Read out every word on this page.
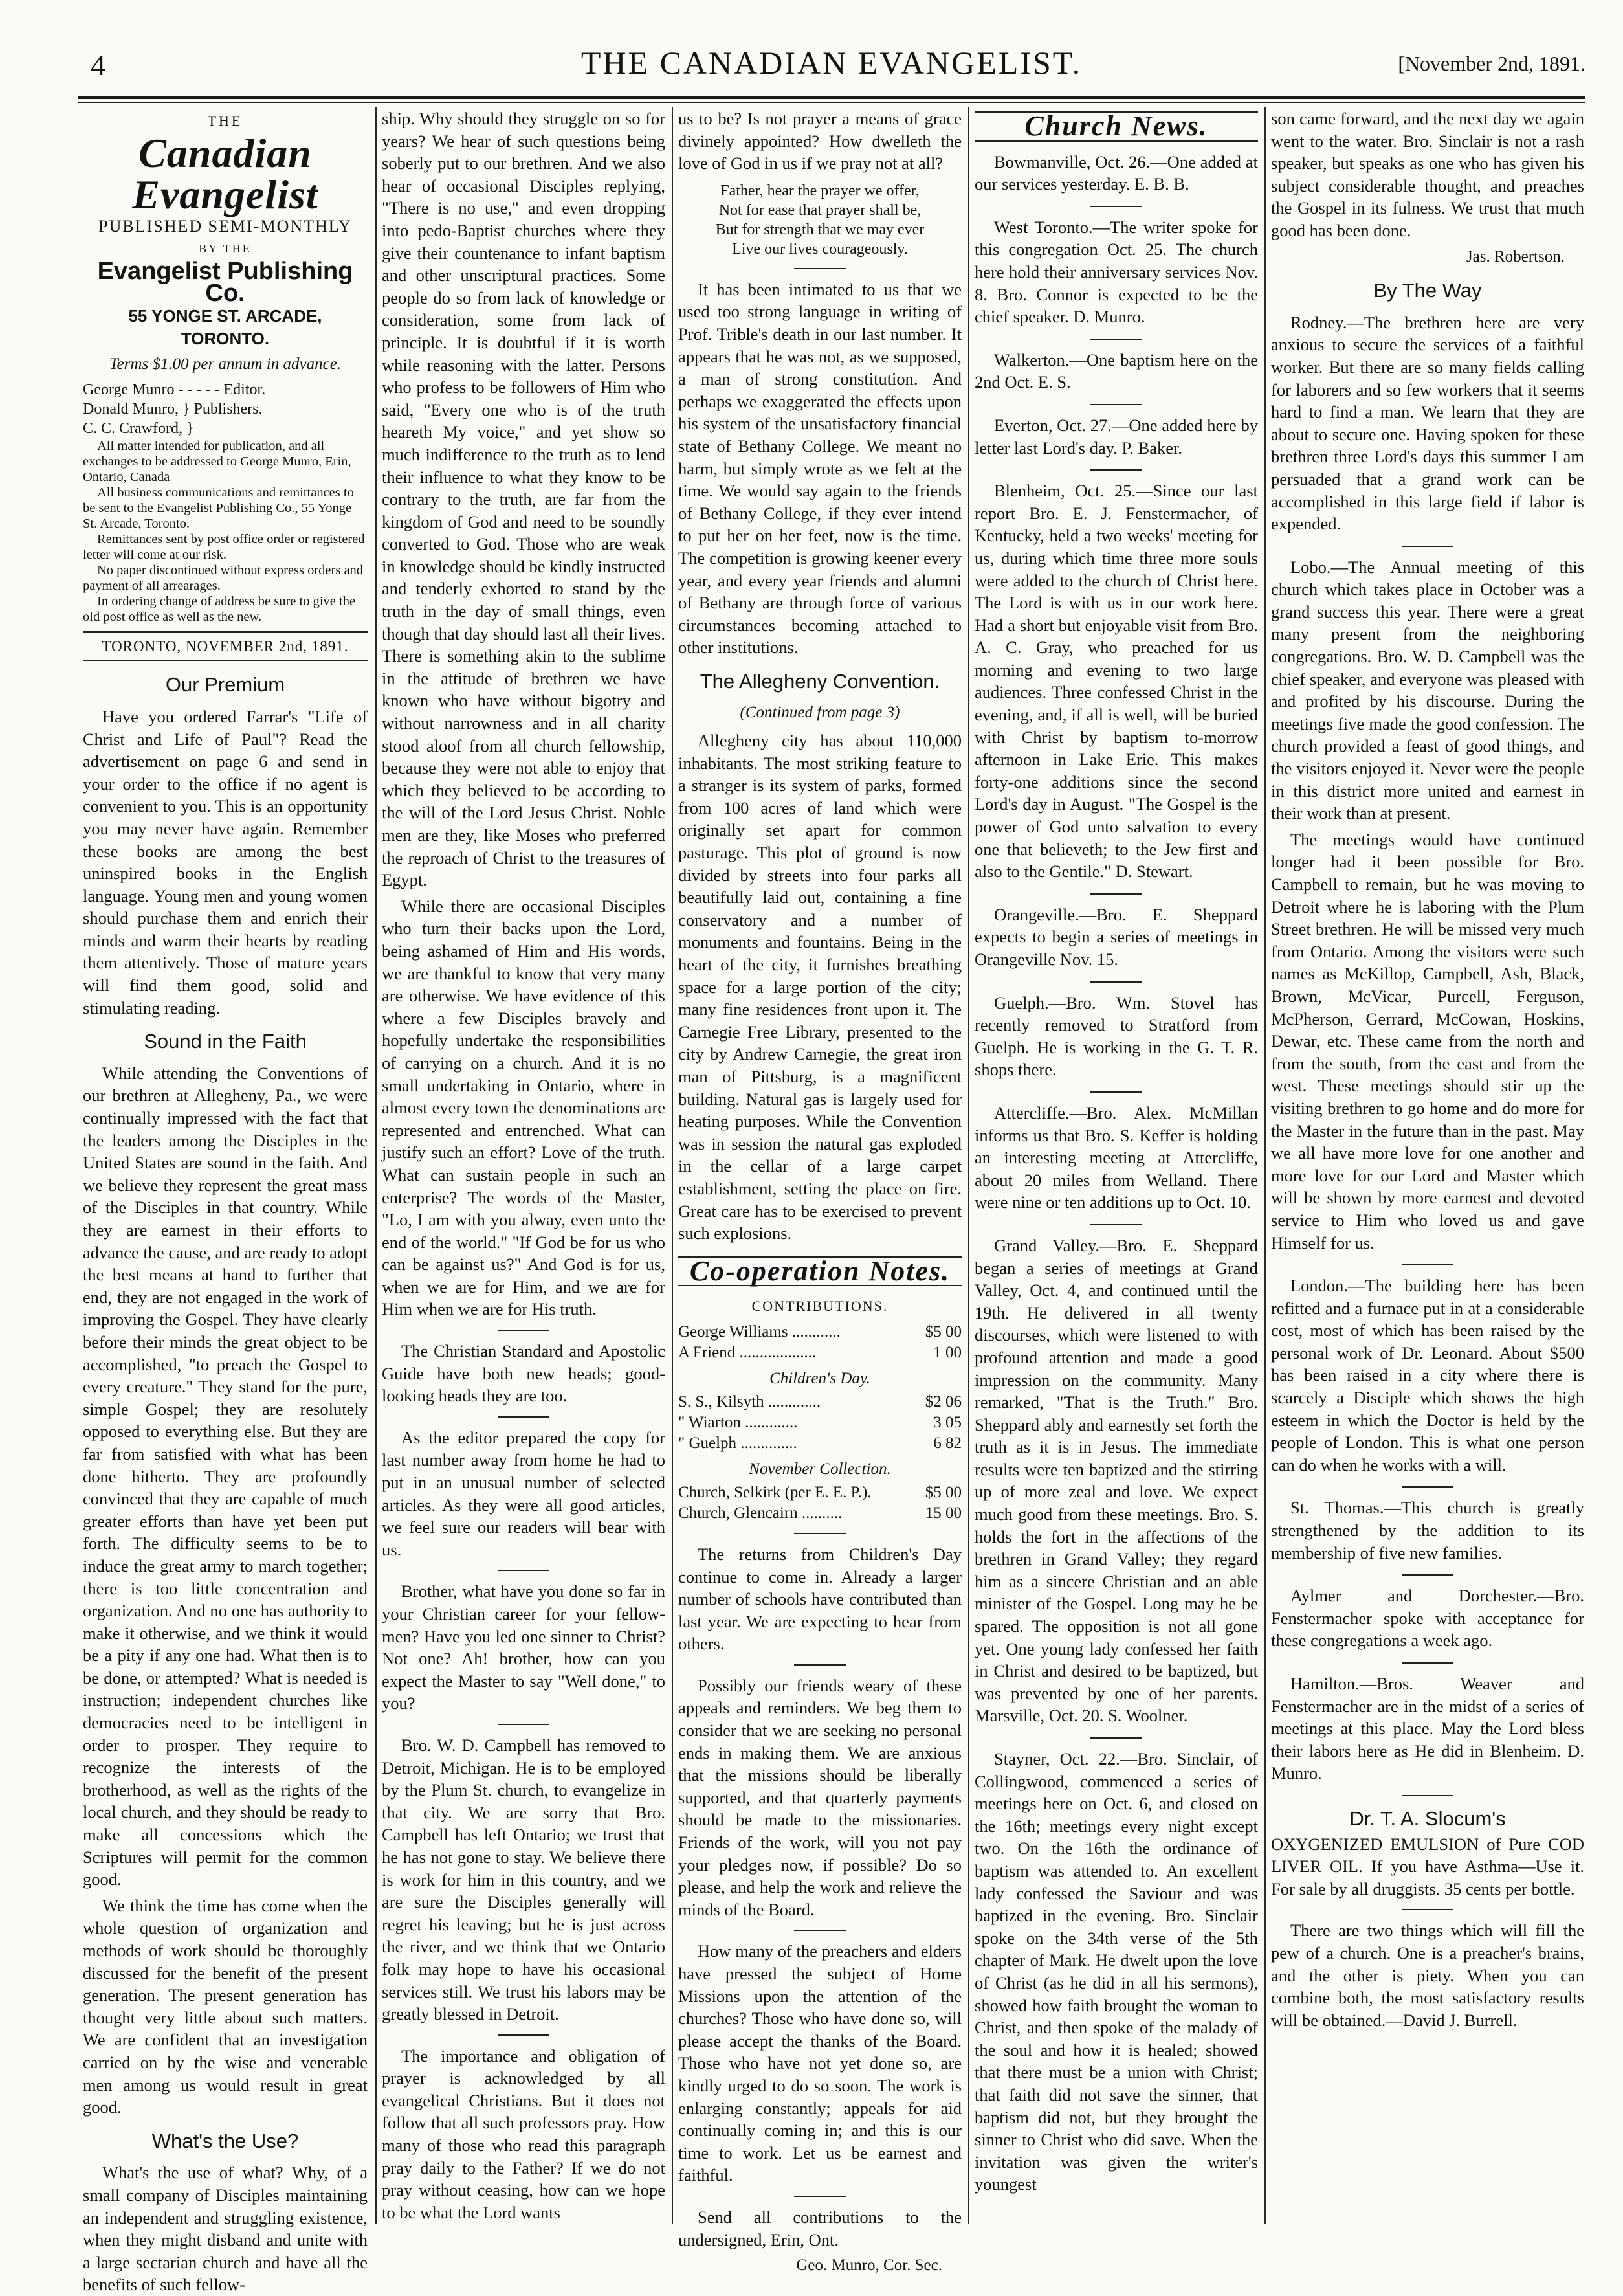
4	THE CANADIAN EVANGELIST.	[November 2nd, 1891.
THE
Canadian Evangelist
PUBLISHED SEMI-MONTHLY
BY THE
Evangelist Publishing Co.
55 YONGE ST. ARCADE, TORONTO.
Terms $1.00 per annum in advance.
George Munro - - - - - Editor.
Donald Munro, } Publishers.
C. C. Crawford, }
All matter intended for publication, and all exchanges to be addressed to George Munro, Erin, Ontario, Canada
All business communications and remittances to be sent to the Evangelist Publishing Co., 55 Yonge St. Arcade, Toronto.
Remittances sent by post office order or registered letter will come at our risk.
No paper discontinued without express orders and payment of all arrearages.
In ordering change of address be sure to give the old post office as well as the new.
TORONTO, NOVEMBER 2nd, 1891.
Our Premium

Have you ordered Farrar's "Life of Christ and Life of Paul"? Read the advertisement on page 6 and send in your order to the office if no agent is convenient to you. This is an opportunity you may never have again. Remember these books are among the best uninspired books in the English language. Young men and young women should purchase them and enrich their minds and warm their hearts by reading them attentively. Those of mature years will find them good, solid and stimulating reading.

Sound in the Faith

While attending the Conventions of our brethren at Allegheny, Pa., we were continually impressed with the fact that the leaders among the Disciples in the United States are sound in the faith. And we believe they represent the great mass of the Disciples in that country. While they are earnest in their efforts to advance the cause, and are ready to adopt the best means at hand to further that end, they are not engaged in the work of improving the Gospel. They have clearly before their minds the great object to be accomplished, "to preach the Gospel to every creature." They stand for the pure, simple Gospel; they are resolutely opposed to everything else. But they are far from satisfied with what has been done hitherto. They are profoundly convinced that they are capable of much greater efforts than have yet been put forth. The difficulty seems to be to induce the great army to march together; there is too little concentration and organization. And no one has authority to make it otherwise, and we think it would be a pity if any one had. What then is to be done, or attempted? What is needed is instruction; independent churches like democracies need to be intelligent in order to prosper. They require to recognize the interests of the brotherhood, as well as the rights of the local church, and they should be ready to make all concessions which the Scriptures will permit for the common good.

We think the time has come when the whole question of organization and methods of work should be thoroughly discussed for the benefit of the present generation. The present generation has thought very little about such matters. We are confident that an investigation carried on by the wise and venerable men among us would result in great good.

What's the Use?

What's the use of what? Why, of a small company of Disciples maintaining an independent and struggling existence, when they might disband and unite with a large sectarian church and have all the benefits of such fellow-

ship. Why should they struggle on so for years? We hear of such questions being soberly put to our brethren. And we also hear of occasional Disciples replying, "There is no use," and even dropping into pedo-Baptist churches where they give their countenance to infant baptism and other unscriptural practices. Some people do so from lack of knowledge or consideration, some from lack of principle. It is doubtful if it is worth while reasoning with the latter. Persons who profess to be followers of Him who said, "Every one who is of the truth heareth My voice," and yet show so much indifference to the truth as to lend their influence to what they know to be contrary to the truth, are far from the kingdom of God and need to be soundly converted to God. Those who are weak in knowledge should be kindly instructed and tenderly exhorted to stand by the truth in the day of small things, even though that day should last all their lives. There is something akin to the sublime in the attitude of brethren we have known who have without bigotry and without narrowness and in all charity stood aloof from all church fellowship, because they were not able to enjoy that which they believed to be according to the will of the Lord Jesus Christ. Noble men are they, like Moses who preferred the reproach of Christ to the treasures of Egypt.

While there are occasional Disciples who turn their backs upon the Lord, being ashamed of Him and His words, we are thankful to know that very many are otherwise. We have evidence of this where a few Disciples bravely and hopefully undertake the responsibilities of carrying on a church. And it is no small undertaking in Ontario, where in almost every town the denominations are represented and entrenched. What can justify such an effort? Love of the truth. What can sustain people in such an enterprise? The words of the Master, "Lo, I am with you alway, even unto the end of the world." "If God be for us who can be against us?" And God is for us, when we are for Him, and we are for Him when we are for His truth.

The Christian Standard and Apostolic Guide have both new heads; good-looking heads they are too.

As the editor prepared the copy for last number away from home he had to put in an unusual number of selected articles. As they were all good articles, we feel sure our readers will bear with us.

Brother, what have you done so far in your Christian career for your fellow-men? Have you led one sinner to Christ? Not one? Ah! brother, how can you expect the Master to say "Well done," to you?

Bro. W. D. Campbell has removed to Detroit, Michigan. He is to be employed by the Plum St. church, to evangelize in that city. We are sorry that Bro. Campbell has left Ontario; we trust that he has not gone to stay. We believe there is work for him in this country, and we are sure the Disciples generally will regret his leaving; but he is just across the river, and we think that we Ontario folk may hope to have his occasional services still. We trust his labors may be greatly blessed in Detroit.

The importance and obligation of prayer is acknowledged by all evangelical Christians. But it does not follow that all such professors pray. How many of those who read this paragraph pray daily to the Father? If we do not pray without ceasing, how can we hope to be what the Lord wants

us to be? Is not prayer a means of grace divinely appointed? How dwelleth the love of God in us if we pray not at all?

Father, hear the prayer we offer,
Not for ease that prayer shall be,
But for strength that we may ever
Live our lives courageously.

It has been intimated to us that we used too strong language in writing of Prof. Trible's death in our last number. It appears that he was not, as we supposed, a man of strong constitution. And perhaps we exaggerated the effects upon his system of the unsatisfactory financial state of Bethany College. We meant no harm, but simply wrote as we felt at the time. We would say again to the friends of Bethany College, if they ever intend to put her on her feet, now is the time. The competition is growing keener every year, and every year friends and alumni of Bethany are through force of various circumstances becoming attached to other institutions.

The Allegheny Convention.
(Continued from page 3)

Allegheny city has about 110,000 inhabitants. The most striking feature to a stranger is its system of parks, formed from 100 acres of land which were originally set apart for common pasturage. This plot of ground is now divided by streets into four parks all beautifully laid out, containing a fine conservatory and a number of monuments and fountains. Being in the heart of the city, it furnishes breathing space for a large portion of the city; many fine residences front upon it. The Carnegie Free Library, presented to the city by Andrew Carnegie, the great iron man of Pittsburg, is a magnificent building. Natural gas is largely used for heating purposes. While the Convention was in session the natural gas exploded in the cellar of a large carpet establishment, setting the place on fire. Great care has to be exercised to prevent such explosions.

Co-operation Notes.
CONTRIBUTIONS.
George Williams ............	$5 00
A Friend ...................	1 00
Children's Day.
S. S., Kilsyth .............	$2 06
" Wiarton .............	3 05
" Guelph ..............	6 82
November Collection.
Church, Selkirk (per E. E. P.).	$5 00
Church, Glencairn ..........	15 00

The returns from Children's Day continue to come in. Already a larger number of schools have contributed than last year. We are expecting to hear from others.

Possibly our friends weary of these appeals and reminders. We beg them to consider that we are seeking no personal ends in making them. We are anxious that the missions should be liberally supported, and that quarterly payments should be made to the missionaries. Friends of the work, will you not pay your pledges now, if possible? Do so please, and help the work and relieve the minds of the Board.

How many of the preachers and elders have pressed the subject of Home Missions upon the attention of the churches? Those who have done so, will please accept the thanks of the Board. Those who have not yet done so, are kindly urged to do so soon. The work is enlarging constantly; appeals for aid continually coming in; and this is our time to work. Let us be earnest and faithful.

Send all contributions to the undersigned, Erin, Ont.

Geo. Munro, Cor. Sec.
Church News.

Bowmanville, Oct. 26.—One added at our services yesterday. E. B. B.

West Toronto.—The writer spoke for this congregation Oct. 25. The church here hold their anniversary services Nov. 8. Bro. Connor is expected to be the chief speaker. D. Munro.

Walkerton.—One baptism here on the 2nd Oct. E. S.

Everton, Oct. 27.—One added here by letter last Lord's day. P. Baker.

Blenheim, Oct. 25.—Since our last report Bro. E. J. Fenstermacher, of Kentucky, held a two weeks' meeting for us, during which time three more souls were added to the church of Christ here. The Lord is with us in our work here. Had a short but enjoyable visit from Bro. A. C. Gray, who preached for us morning and evening to two large audiences. Three confessed Christ in the evening, and, if all is well, will be buried with Christ by baptism to-morrow afternoon in Lake Erie. This makes forty-one additions since the second Lord's day in August. "The Gospel is the power of God unto salvation to every one that believeth; to the Jew first and also to the Gentile." D. Stewart.

Orangeville.—Bro. E. Sheppard expects to begin a series of meetings in Orangeville Nov. 15.

Guelph.—Bro. Wm. Stovel has recently removed to Stratford from Guelph. He is working in the G. T. R. shops there.

Attercliffe.—Bro. Alex. McMillan informs us that Bro. S. Keffer is holding an interesting meeting at Attercliffe, about 20 miles from Welland. There were nine or ten additions up to Oct. 10.

Grand Valley.—Bro. E. Sheppard began a series of meetings at Grand Valley, Oct. 4, and continued until the 19th. He delivered in all twenty discourses, which were listened to with profound attention and made a good impression on the community. Many remarked, "That is the Truth." Bro. Sheppard ably and earnestly set forth the truth as it is in Jesus. The immediate results were ten baptized and the stirring up of more zeal and love. We expect much good from these meetings. Bro. S. holds the fort in the affections of the brethren in Grand Valley; they regard him as a sincere Christian and an able minister of the Gospel. Long may he be spared. The opposition is not all gone yet. One young lady confessed her faith in Christ and desired to be baptized, but was prevented by one of her parents. Marsville, Oct. 20. S. Woolner.

Stayner, Oct. 22.—Bro. Sinclair, of Collingwood, commenced a series of meetings here on Oct. 6, and closed on the 16th; meetings every night except two. On the 16th the ordinance of baptism was attended to. An excellent lady confessed the Saviour and was baptized in the evening. Bro. Sinclair spoke on the 34th verse of the 5th chapter of Mark. He dwelt upon the love of Christ (as he did in all his sermons), showed how faith brought the woman to Christ, and then spoke of the malady of the soul and how it is healed; showed that there must be a union with Christ; that faith did not save the sinner, that baptism did not, but they brought the sinner to Christ who did save. When the invitation was given the writer's youngest

son came forward, and the next day we again went to the water. Bro. Sinclair is not a rash speaker, but speaks as one who has given his subject considerable thought, and preaches the Gospel in its fulness. We trust that much good has been done.

Jas. Robertson.
By The Way

Rodney.—The brethren here are very anxious to secure the services of a faithful worker. But there are so many fields calling for laborers and so few workers that it seems hard to find a man. We learn that they are about to secure one. Having spoken for these brethren three Lord's days this summer I am persuaded that a grand work can be accomplished in this large field if labor is expended.

Lobo.—The Annual meeting of this church which takes place in October was a grand success this year. There were a great many present from the neighboring congregations. Bro. W. D. Campbell was the chief speaker, and everyone was pleased with and profited by his discourse. During the meetings five made the good confession. The church provided a feast of good things, and the visitors enjoyed it. Never were the people in this district more united and earnest in their work than at present.

The meetings would have continued longer had it been possible for Bro. Campbell to remain, but he was moving to Detroit where he is laboring with the Plum Street brethren. He will be missed very much from Ontario. Among the visitors were such names as McKillop, Campbell, Ash, Black, Brown, McVicar, Purcell, Ferguson, McPherson, Gerrard, McCowan, Hoskins, Dewar, etc. These came from the north and from the south, from the east and from the west. These meetings should stir up the visiting brethren to go home and do more for the Master in the future than in the past. May we all have more love for one another and more love for our Lord and Master which will be shown by more earnest and devoted service to Him who loved us and gave Himself for us.

London.—The building here has been refitted and a furnace put in at a considerable cost, most of which has been raised by the personal work of Dr. Leonard. About $500 has been raised in a city where there is scarcely a Disciple which shows the high esteem in which the Doctor is held by the people of London. This is what one person can do when he works with a will.

St. Thomas.—This church is greatly strengthened by the addition to its membership of five new families.

Aylmer and Dorchester.—Bro. Fenstermacher spoke with acceptance for these congregations a week ago.

Hamilton.—Bros. Weaver and Fenstermacher are in the midst of a series of meetings at this place. May the Lord bless their labors here as He did in Blenheim. D. Munro.

Dr. T. A. Slocum's

OXYGENIZED EMULSION of Pure COD LIVER OIL. If you have Asthma—Use it. For sale by all druggists. 35 cents per bottle.

There are two things which will fill the pew of a church. One is a preacher's brains, and the other is piety. When you can combine both, the most satisfactory results will be obtained.—David J. Burrell.
